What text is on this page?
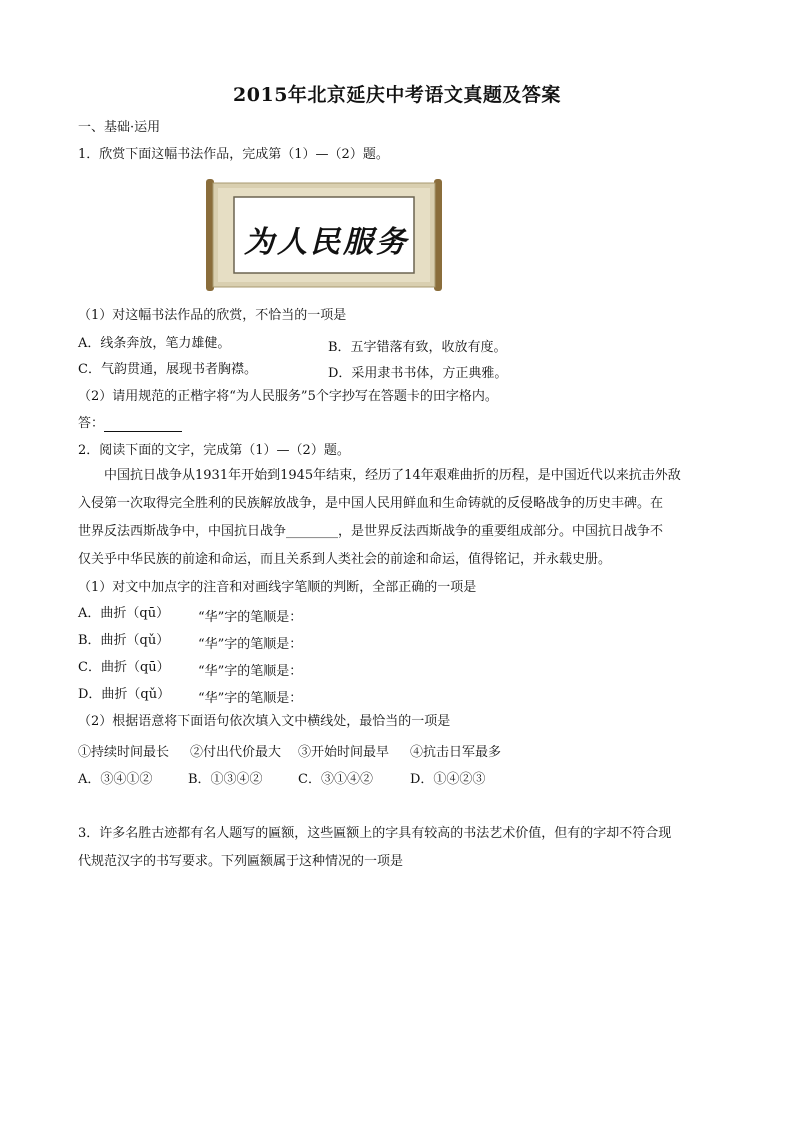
2015年北京延庆中考语文真题及答案
一、基础·运用
1．欣赏下面这幅书法作品，完成第（1）—（2）题。
为人民服务
（1）对这幅书法作品的欣赏，不恰当的一项是
A．线条奔放，笔力雄健。	B．五字错落有致，收放有度。
C．气韵贯通，展现书者胸襟。	D．采用隶书书体，方正典雅。
（2）请用规范的正楷字将“为人民服务”5个字抄写在答题卡的田字格内。
答：
2．阅读下面的文字，完成第（1）—（2）题。
中国抗日战争从1931年开始到1945年结束，经历了14年艰难曲折的历程，是中国近代以来抗击外敌
入侵第一次取得完全胜利的民族解放战争，是中国人民用鲜血和生命铸就的反侵略战争的历史丰碑。在
世界反法西斯战争中，中国抗日战争________，是世界反法西斯战争的重要组成部分。中国抗日战争不
仅关乎中华民族的前途和命运，而且关系到人类社会的前途和命运，值得铭记，并永载史册。
（1）对文中加点字的注音和对画线字笔顺的判断，全部正确的一项是
A．曲折（qū） “华”字的笔顺是：
B．曲折（qǔ） “华”字的笔顺是：
C．曲折（qū） “华”字的笔顺是：
D．曲折（qǔ） “华”字的笔顺是：
（2）根据语意将下面语句依次填入文中横线处，最恰当的一项是
①持续时间最长 ②付出代价最大 ③开始时间最早 ④抗击日军最多
A．③④①②	B．①③④②	C．③①④②	D．①④②③
3．许多名胜古迹都有名人题写的匾额，这些匾额上的字具有较高的书法艺术价值，但有的字却不符合现
代规范汉字的书写要求。下列匾额属于这种情况的一项是
